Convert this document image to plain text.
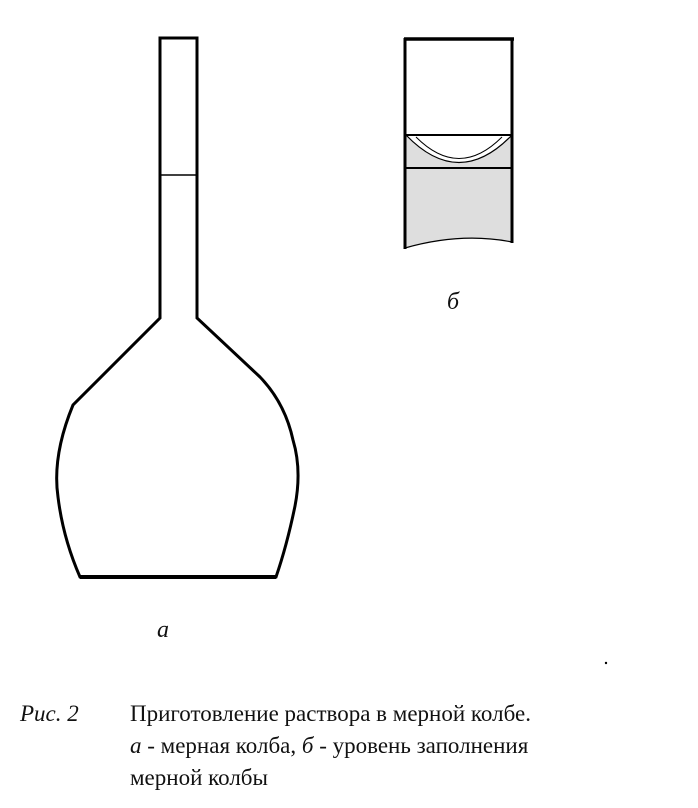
а
б
Рис. 2 Приготовление раствора в мерной колбе.
а - мерная колба, б - уровень заполнения
мерной колбы
